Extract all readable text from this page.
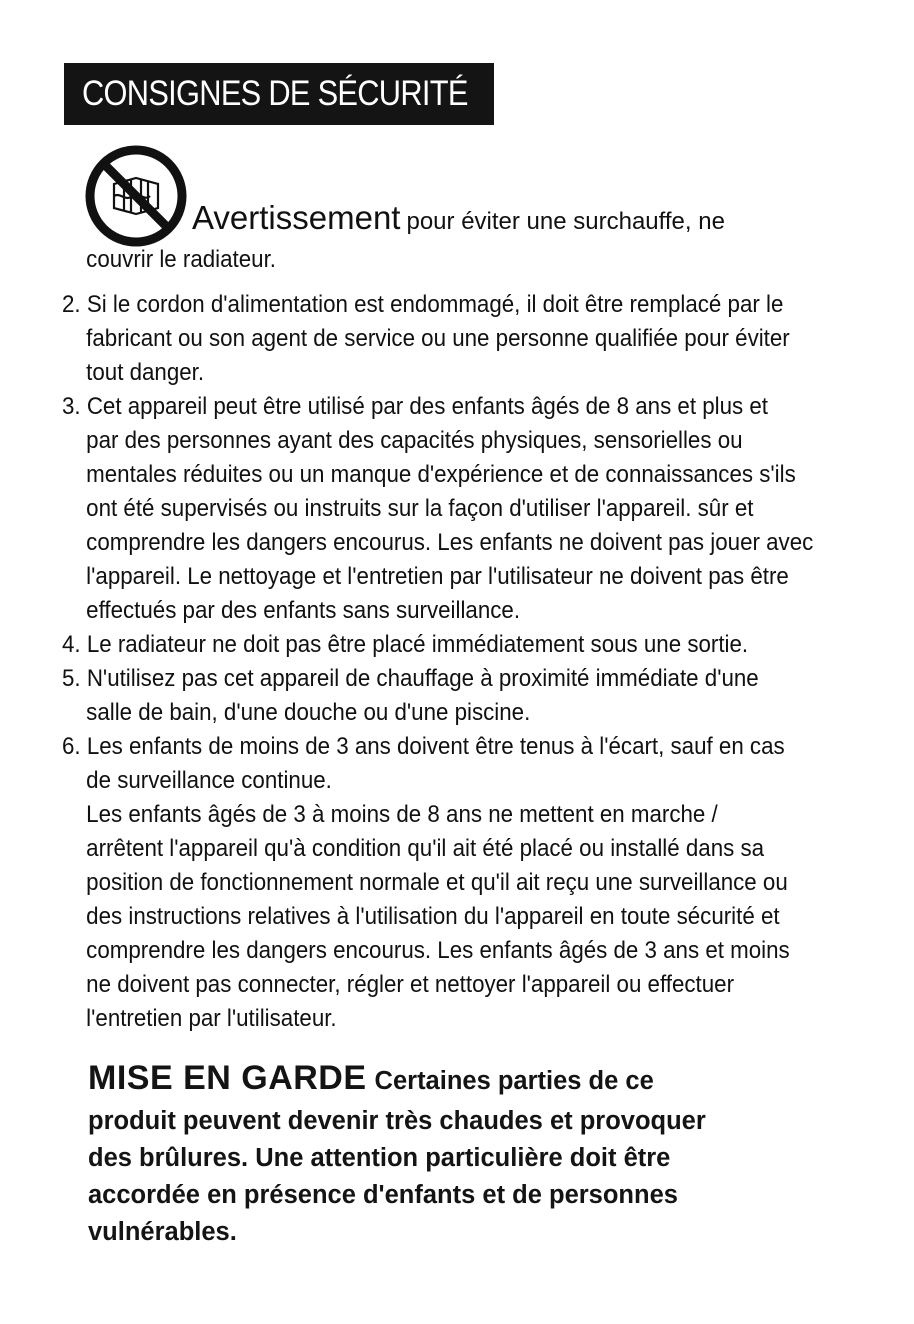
CONSIGNES DE SÉCURITÉ
Avertissement pour éviter une surchauffe, ne
couvrir le radiateur.
2. Si le cordon d'alimentation est endommagé, il doit être remplacé par le
fabricant ou son agent de service ou une personne qualifiée pour éviter
tout danger.
3. Cet appareil peut être utilisé par des enfants âgés de 8 ans et plus et
par des personnes ayant des capacités physiques, sensorielles ou
mentales réduites ou un manque d'expérience et de connaissances s'ils
ont été supervisés ou instruits sur la façon d'utiliser l'appareil. sûr et
comprendre les dangers encourus. Les enfants ne doivent pas jouer avec
l'appareil. Le nettoyage et l'entretien par l'utilisateur ne doivent pas être
effectués par des enfants sans surveillance.
4. Le radiateur ne doit pas être placé immédiatement sous une sortie.
5. N'utilisez pas cet appareil de chauffage à proximité immédiate d'une
salle de bain, d'une douche ou d'une piscine.
6. Les enfants de moins de 3 ans doivent être tenus à l'écart, sauf en cas
de surveillance continue.
Les enfants âgés de 3 à moins de 8 ans ne mettent en marche /
arrêtent l'appareil qu'à condition qu'il ait été placé ou installé dans sa
position de fonctionnement normale et qu'il ait reçu une surveillance ou
des instructions relatives à l'utilisation du l'appareil en toute sécurité et
comprendre les dangers encourus. Les enfants âgés de 3 ans et moins
ne doivent pas connecter, régler et nettoyer l'appareil ou effectuer
l'entretien par l'utilisateur.
MISE EN GARDE Certaines parties de ce
produit peuvent devenir très chaudes et provoquer
des brûlures. Une attention particulière doit être
accordée en présence d'enfants et de personnes
vulnérables.
